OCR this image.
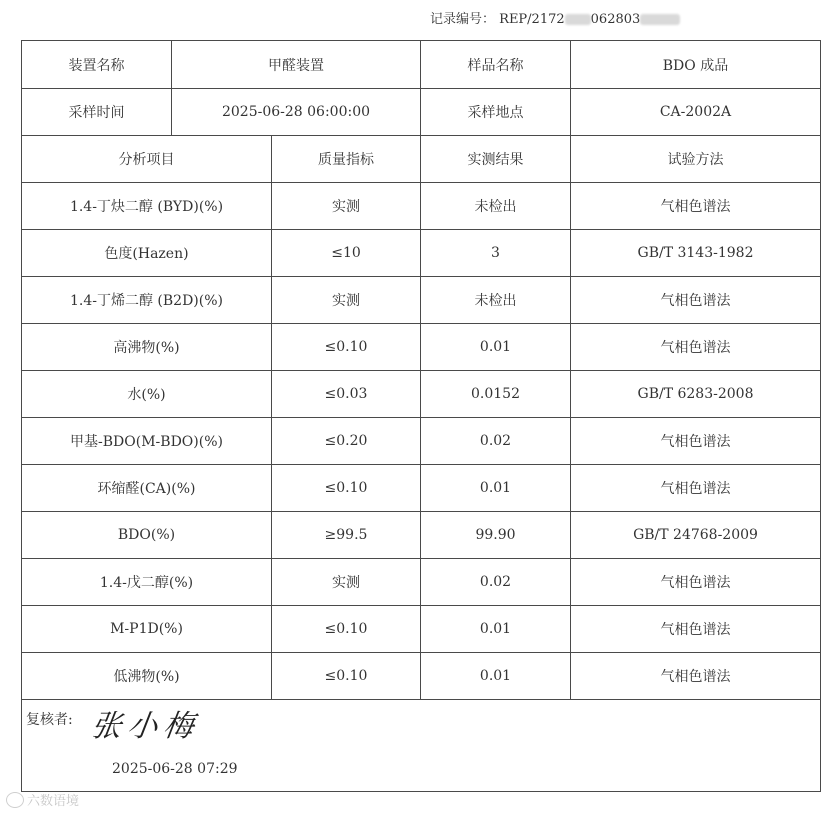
记录编号： REP/2172 062803
装置名称	甲醛装置	样品名称	BDO 成品
采样时间	2025-06-28 06:00:00	采样地点	CA-2002A
分析项目	质量指标	实测结果	试验方法
1.4-丁炔二醇 (BYD)(%)	实测	未检出	气相色谱法
色度(Hazen)	≤10	3	GB/T 3143-1982
1.4-丁烯二醇 (B2D)(%)	实测	未检出	气相色谱法
高沸物(%)	≤0.10	0.01	气相色谱法
水(%)	≤0.03	0.0152	GB/T 6283-2008
甲基-BDO(M-BDO)(%)	≤0.20	0.02	气相色谱法
环缩醛(CA)(%)	≤0.10	0.01	气相色谱法
BDO(%)	≥99.5	99.90	GB/T 24768-2009
1.4-戊二醇(%)	实测	0.02	气相色谱法
M-P1D(%)	≤0.10	0.01	气相色谱法
低沸物(%)	≤0.10	0.01	气相色谱法
复核者: 张小梅
2025-06-28 07:29
六数语境
